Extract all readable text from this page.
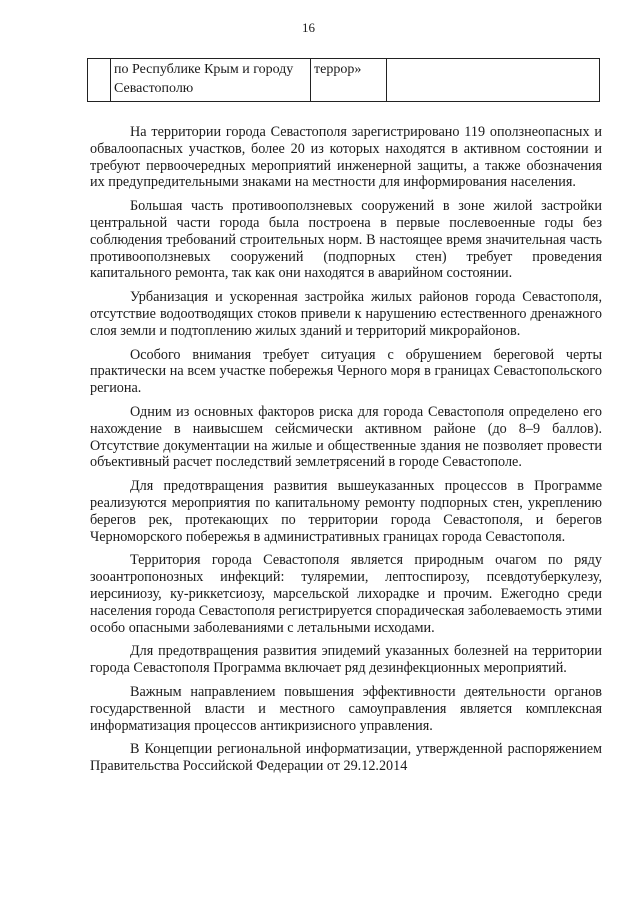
16
	по Республике Крым и городу Севастополю	террор»	

На территории города Севастополя зарегистрировано 119 оползнеопасных и обвалоопасных участков, более 20 из которых находятся в активном состоянии и требуют первоочередных мероприятий инженерной защиты, а также обозначения их предупредительными знаками на местности для информирования населения.

Большая часть противооползневых сооружений в зоне жилой застройки центральной части города была построена в первые послевоенные годы без соблюдения требований строительных норм. В настоящее время значительная часть противооползневых сооружений (подпорных стен) требует проведения капитального ремонта, так как они находятся в аварийном состоянии.

Урбанизация и ускоренная застройка жилых районов города Севастополя, отсутствие водоотводящих стоков привели к нарушению естественного дренажного слоя земли и подтоплению жилых зданий и территорий микрорайонов.

Особого внимания требует ситуация с обрушением береговой черты практически на всем участке побережья Черного моря в границах Севастопольского региона.

Одним из основных факторов риска для города Севастополя определено его нахождение в наивысшем сейсмически активном районе (до 8–9 баллов). Отсутствие документации на жилые и общественные здания не позволяет провести объективный расчет последствий землетрясений в городе Севастополе.

Для предотвращения развития вышеуказанных процессов в Программе реализуются мероприятия по капитальному ремонту подпорных стен, укреплению берегов рек, протекающих по территории города Севастополя, и берегов Черноморского побережья в административных границах города Севастополя.

Территория города Севастополя является природным очагом по ряду зооантропонозных инфекций: туляремии, лептоспирозу, псевдотуберкулезу, иерсиниозу, ку-риккетсиозу, марсельской лихорадке и прочим. Ежегодно среди населения города Севастополя регистрируется спорадическая заболеваемость этими особо опасными заболеваниями с летальными исходами.

Для предотвращения развития эпидемий указанных болезней на территории города Севастополя Программа включает ряд дезинфекционных мероприятий.

Важным направлением повышения эффективности деятельности органов государственной власти и местного самоуправления является комплексная информатизация процессов антикризисного управления.

В Концепции региональной информатизации, утвержденной распоряжением Правительства Российской Федерации от 29.12.2014
